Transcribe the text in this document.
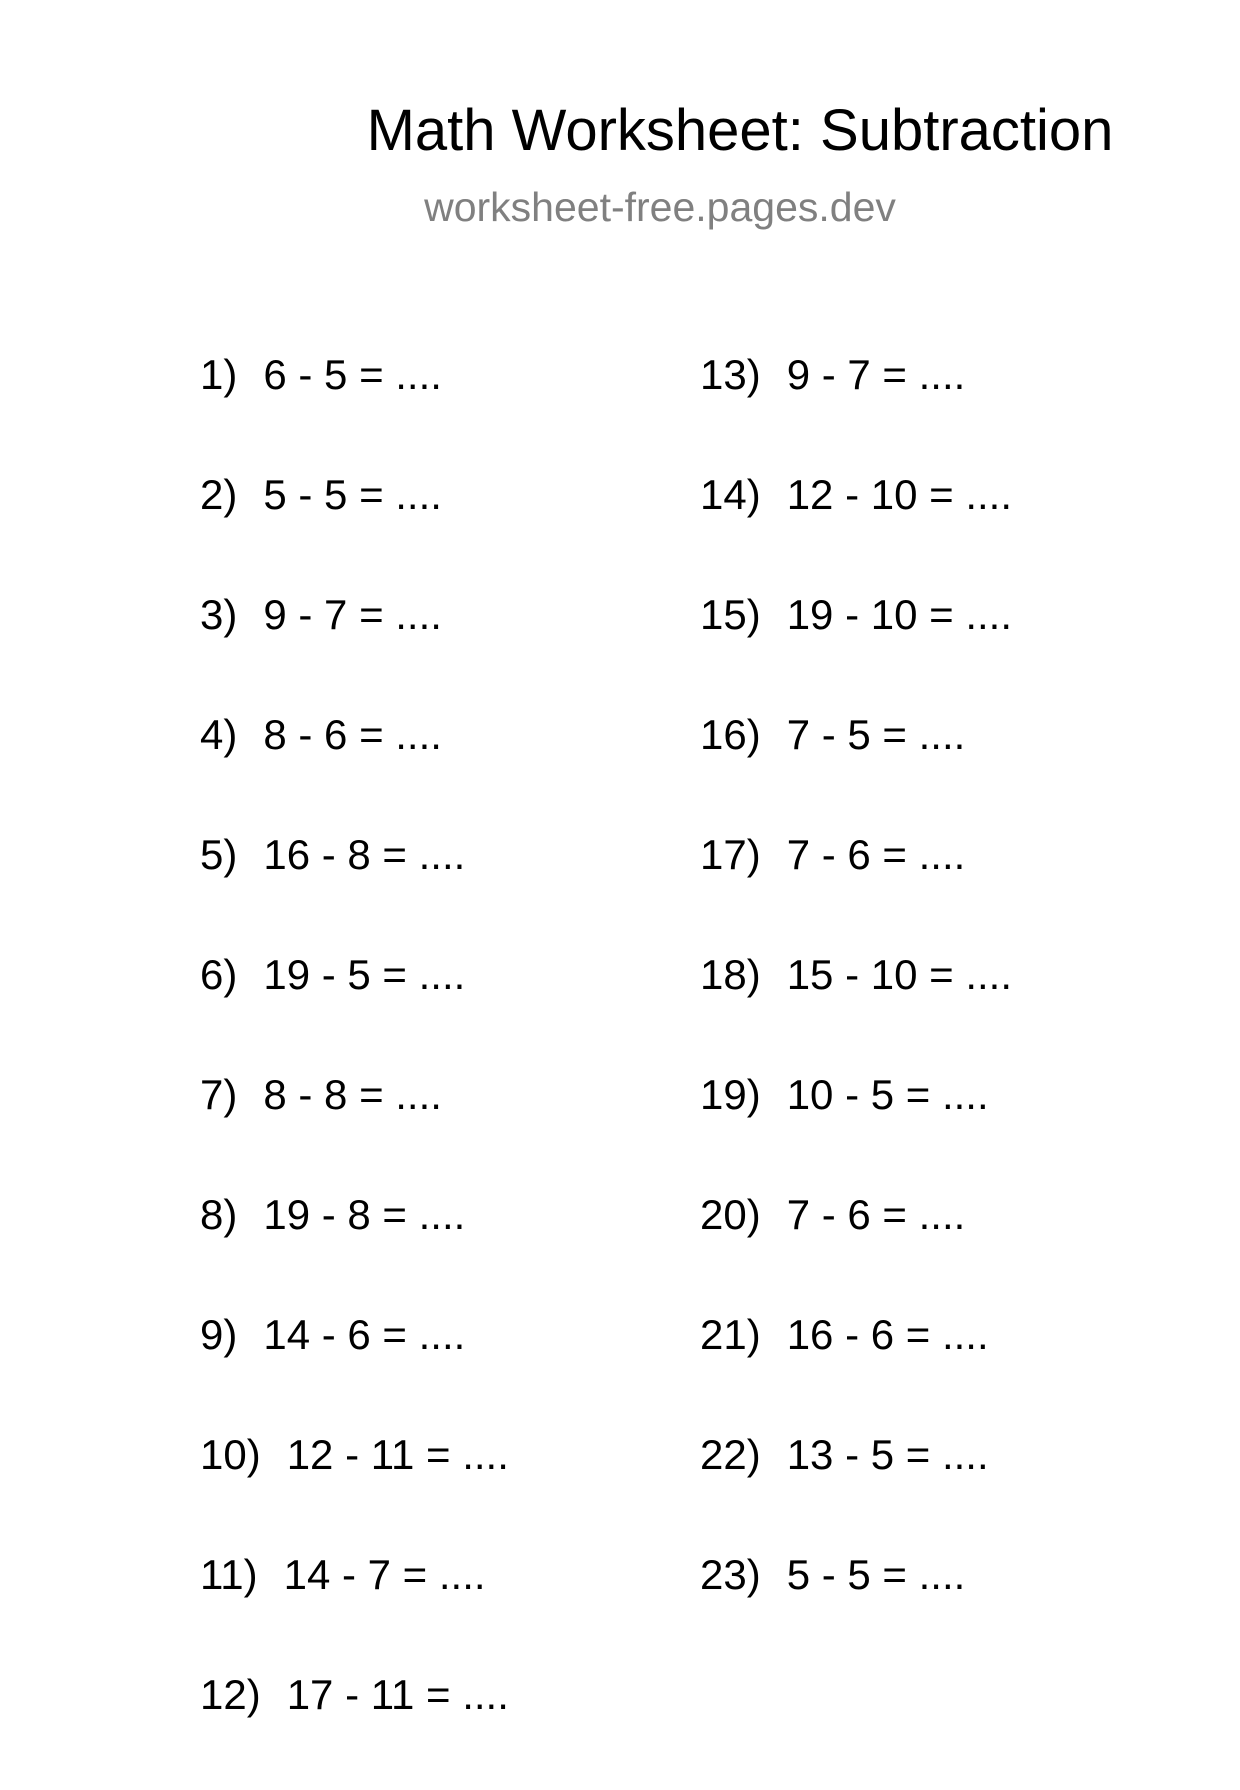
Math Worksheet: Subtraction
worksheet-free.pages.dev
1) 6 - 5 = ....
2) 5 - 5 = ....
3) 9 - 7 = ....
4) 8 - 6 = ....
5) 16 - 8 = ....
6) 19 - 5 = ....
7) 8 - 8 = ....
8) 19 - 8 = ....
9) 14 - 6 = ....
10) 12 - 11 = ....
11) 14 - 7 = ....
12) 17 - 11 = ....
13) 9 - 7 = ....
14) 12 - 10 = ....
15) 19 - 10 = ....
16) 7 - 5 = ....
17) 7 - 6 = ....
18) 15 - 10 = ....
19) 10 - 5 = ....
20) 7 - 6 = ....
21) 16 - 6 = ....
22) 13 - 5 = ....
23) 5 - 5 = ....
